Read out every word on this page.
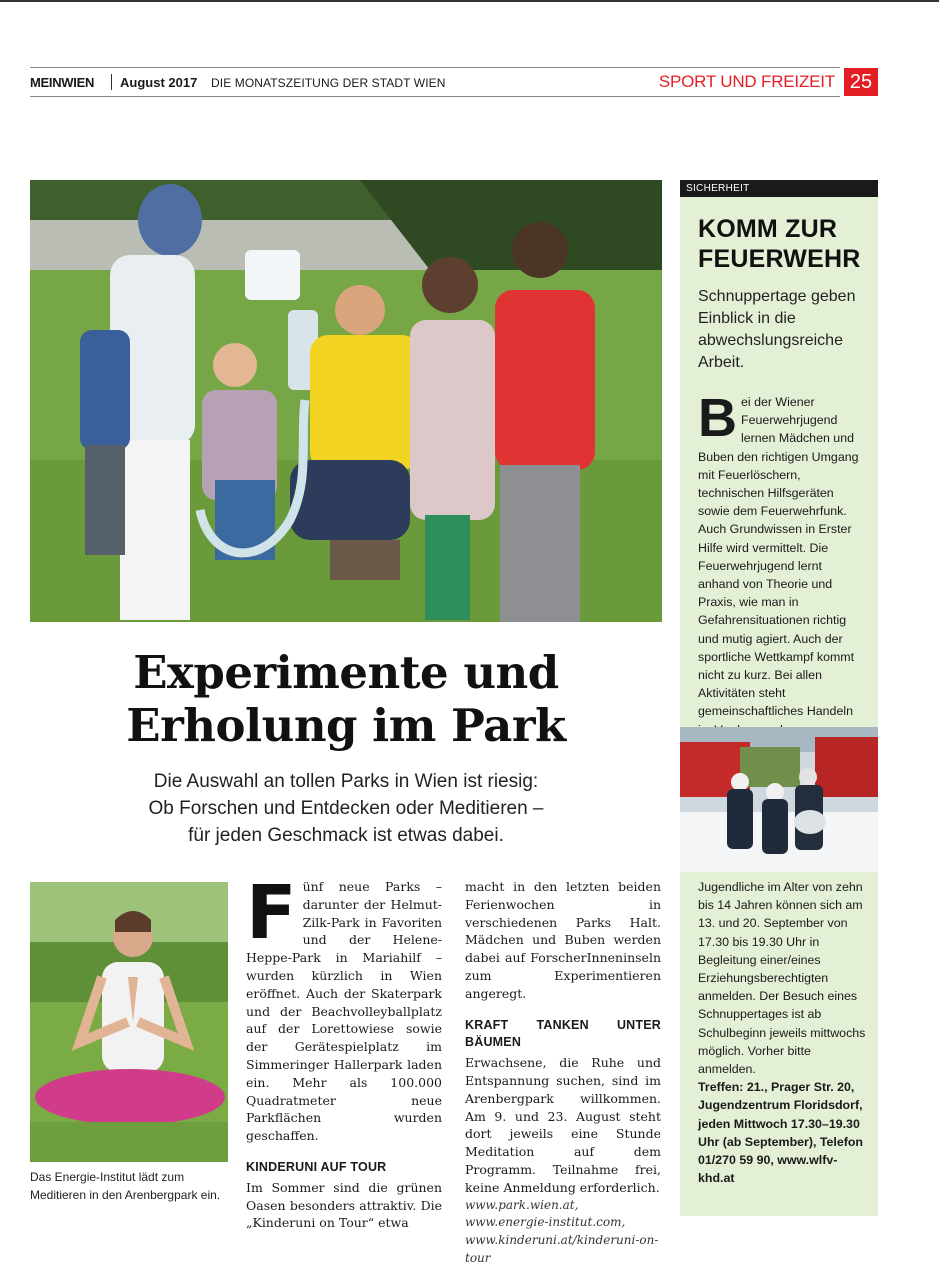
MEINWIEN August 2017 DIE MONATSZEITUNG DER STADT WIEN	SPORT UND FREIZEIT 25
Experimente und
Erholung im Park
Die Auswahl an tollen Parks in Wien ist riesig:
Ob Forschen und Entdecken oder Meditieren –
für jeden Geschmack ist etwas dabei.
Das Energie-Institut lädt zum Meditieren in den Arenbergpark ein.
F ünf neue Parks – darunter der Helmut-Zilk-Park in Favoriten und der Helene-Heppe-Park in Mariahilf – wurden kürzlich in Wien eröffnet. Auch der Skaterpark und der Beachvolleyballplatz auf der Lorettowiese sowie der Gerätespielplatz im Simmeringer Hallerpark laden ein. Mehr als 100.000 Quadratmeter neue Parkflächen wurden geschaffen.
KINDERUNI AUF TOUR
Im Sommer sind die grünen Oasen besonders attraktiv. Die „Kinderuni on Tour“ etwa
macht in den letzten beiden Ferienwochen in verschiedenen Parks Halt. Mädchen und Buben werden dabei auf ForscherInneninseln zum Experimentieren angeregt.
KRAFT TANKEN UNTER BÄUMEN
Erwachsene, die Ruhe und Entspannung suchen, sind im Arenbergpark willkommen. Am 9. und 23. August steht dort jeweils eine Stunde Meditation auf dem Programm. Teilnahme frei, keine Anmeldung erforderlich.
www.park.wien.at,
www.energie-institut.com,
www.kinderuni.at/kinderuni-on-tour
SICHERHEIT
KOMM ZUR
FEUERWEHR
Schnuppertage geben Einblick in die abwechslungsreiche Arbeit.
B ei der Wiener Feuerwehrjugend lernen Mädchen und Buben den richtigen Umgang mit Feuerlöschern, technischen Hilfsgeräten sowie dem Feuerwehrfunk. Auch Grundwissen in Erster Hilfe wird vermittelt. Die Feuerwehrjugend lernt anhand von Theorie und Praxis, wie man in Gefahrensituationen richtig und mutig agiert. Auch der sportliche Wettkampf kommt nicht zu kurz. Bei allen Aktivitäten steht gemeinschaftliches Handeln
Jugendliche im Alter von zehn bis 14 Jahren können sich am 13. und 20. September von 17.30 bis 19.30 Uhr in Begleitung einer/eines Erziehungsberechtigten anmelden. Der Besuch eines Schnuppertages ist ab Schulbeginn jeweils mittwochs möglich. Vorher bitte anmelden.
Treffen: 21., Prager Str. 20, Jugendzentrum Floridsdorf, jeden Mittwoch 17.30–19.30 Uhr (ab September), Telefon 01/270 59 90, www.wlfv-khd.at
